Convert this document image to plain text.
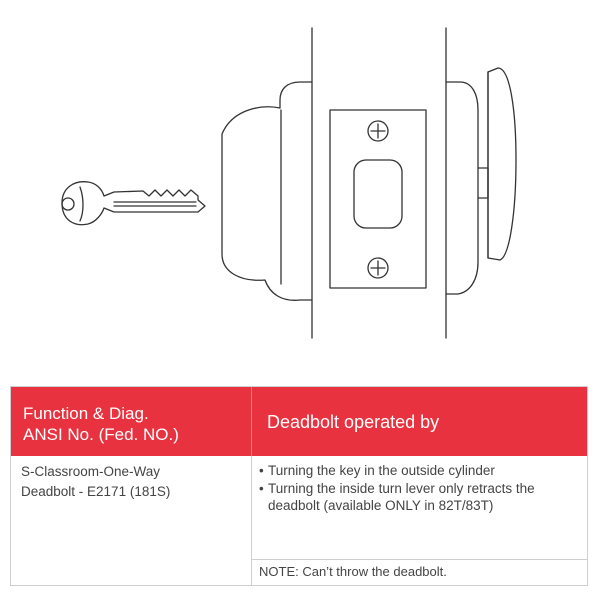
Function & Diag.
ANSI No. (Fed. NO.)
Deadbolt operated by
S-Classroom-One-Way
Deadbolt - E2171 (181S)
• Turning the key in the outside cylinder
• Turning the inside turn lever only retracts the deadbolt (available ONLY in 82T/83T)
NOTE: Can’t throw the deadbolt.
